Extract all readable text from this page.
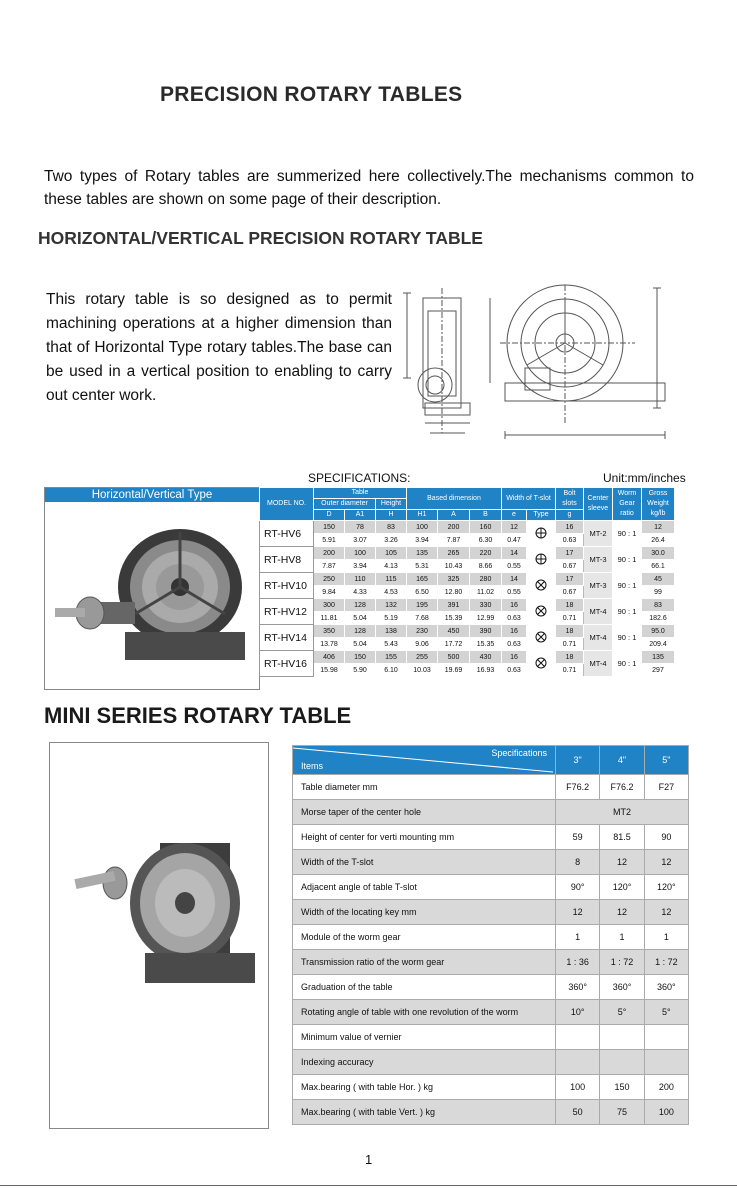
PRECISION ROTARY TABLES
Two types of Rotary tables are summerized here collectively.The mechanisms common to these tables are shown on some page of their description.
HORIZONTAL/VERTICAL PRECISION ROTARY TABLE
This rotary table is so designed as to permit machining operations at a higher dimension than that of Horizontal Type rotary tables.The base can be used in a vertical position to enabling to carry out center work.
SPECIFICATIONS:	Unit:mm/inches
Horizontal/Vertical Type
MODEL NO.	Table			Based dimension			Width of T-slot		Bolt slots	Center sleeve	Worm Gear ratio	Gross Weight kg/lb
	Outer diameter		Height									
	D	A1	H	H1	A	B	e	Type	g			
RT-HV6	150	78	83	100	200	160	12		16	MT-2	90 : 1	12
	5.91	3.07	3.26	3.94	7.87	6.30	0.47		0.63			26.4
RT-HV8	200	100	105	135	265	220	14		17	MT-3	90 : 1	30.0
	7.87	3.94	4.13	5.31	10.43	8.66	0.55		0.67			66.1
RT-HV10	250	110	115	165	325	280	14		17	MT-3	90 : 1	45
	9.84	4.33	4.53	6.50	12.80	11.02	0.55		0.67			99
RT-HV12	300	128	132	195	391	330	16		18	MT-4	90 : 1	83
	11.81	5.04	5.19	7.68	15.39	12.99	0.63		0.71			182.6
RT-HV14	350	128	138	230	450	390	16		18	MT-4	90 : 1	95.0
	13.78	5.04	5.43	9.06	17.72	15.35	0.63		0.71			209.4
RT-HV16	406	150	155	255	500	430	16		18	MT-4	90 : 1	135
	15.98	5.90	6.10	10.03	19.69	16.93	0.63		0.71			297
MINI SERIES ROTARY TABLE
Items
Specifications	3"	4"	5"
Table diameter mm	F76.2	F76.2	F27
Morse taper of the center hole	MT2		
Height of center for verti mounting mm	59	81.5	90
Width of the T-slot	8	12	12
Adjacent angle of table T-slot	90°	120°	120°
Width of the locating key mm	12	12	12
Module of the worm gear	1	1	1
Transmission ratio of the worm gear	1 : 36	1 : 72	1 : 72
Graduation of the table	360°	360°	360°
Rotating angle of table with one revolution of the worm	10°	5°	5°
Minimum value of vernier			
Indexing accuracy			
Max.bearing ( with table Hor. ) kg	100	150	200
Max.bearing ( with table Vert. ) kg	50	75	100
1
